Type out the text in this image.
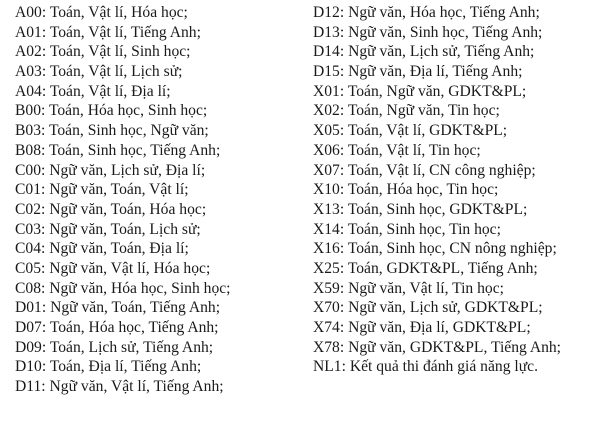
A00: Toán, Vật lí, Hóa học;
A01: Toán, Vật lí, Tiếng Anh;
A02: Toán, Vật lí, Sinh học;
A03: Toán, Vật lí, Lịch sử;
A04: Toán, Vật lí, Địa lí;
B00: Toán, Hóa học, Sinh học;
B03: Toán, Sinh học, Ngữ văn;
B08: Toán, Sinh học, Tiếng Anh;
C00: Ngữ văn, Lịch sử, Địa lí;
C01: Ngữ văn, Toán, Vật lí;
C02: Ngữ văn, Toán, Hóa học;
C03: Ngữ văn, Toán, Lịch sử;
C04: Ngữ văn, Toán, Địa lí;
C05: Ngữ văn, Vật lí, Hóa học;
C08: Ngữ văn, Hóa học, Sinh học;
D01: Ngữ văn, Toán, Tiếng Anh;
D07: Toán, Hóa học, Tiếng Anh;
D09: Toán, Lịch sử, Tiếng Anh;
D10: Toán, Địa lí, Tiếng Anh;
D11: Ngữ văn, Vật lí, Tiếng Anh;
D12: Ngữ văn, Hóa học, Tiếng Anh;
D13: Ngữ văn, Sinh học, Tiếng Anh;
D14: Ngữ văn, Lịch sử, Tiếng Anh;
D15: Ngữ văn, Địa lí, Tiếng Anh;
X01: Toán, Ngữ văn, GDKT&PL;
X02: Toán, Ngữ văn, Tin học;
X05: Toán, Vật lí, GDKT&PL;
X06: Toán, Vật lí, Tin học;
X07: Toán, Vật lí, CN công nghiệp;
X10: Toán, Hóa học, Tin học;
X13: Toán, Sinh học, GDKT&PL;
X14: Toán, Sinh học, Tin học;
X16: Toán, Sinh học, CN nông nghiệp;
X25: Toán, GDKT&PL, Tiếng Anh;
X59: Ngữ văn, Vật lí, Tin học;
X70: Ngữ văn, Lịch sử, GDKT&PL;
X74: Ngữ văn, Địa lí, GDKT&PL;
X78: Ngữ văn, GDKT&PL, Tiếng Anh;
NL1: Kết quả thi đánh giá năng lực.
